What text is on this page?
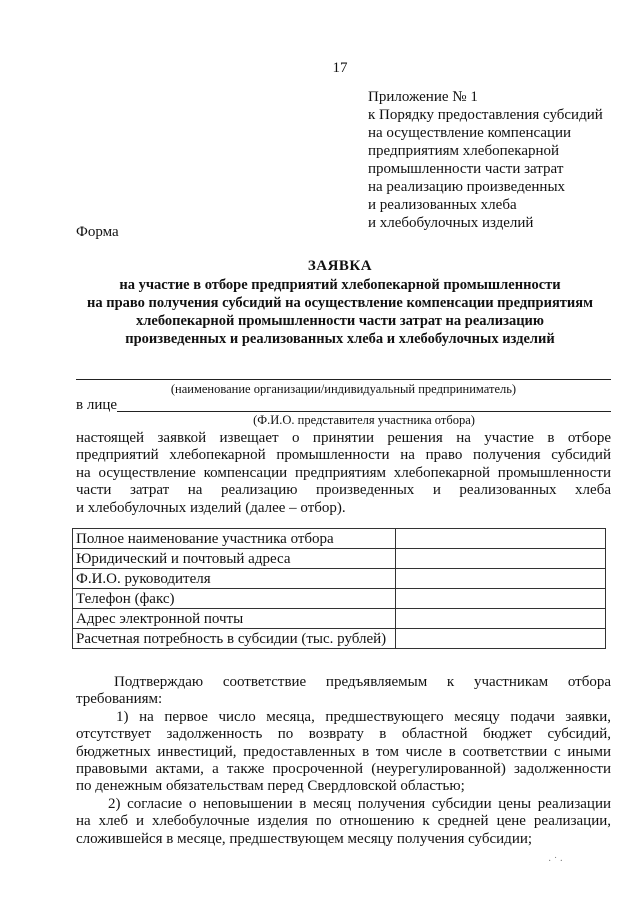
17
Приложение № 1
к Порядку предоставления субсидий
на осуществление компенсации
предприятиям хлебопекарной
промышленности части затрат
на реализацию произведенных
и реализованных хлеба
и хлебобулочных изделий
Форма
ЗАЯВКА
на участие в отборе предприятий хлебопекарной промышленности
на право получения субсидий на осуществление компенсации предприятиям
хлебопекарной промышленности части затрат на реализацию
произведенных и реализованных хлеба и хлебобулочных изделий
(наименование организации/индивидуальный предприниматель)
в лице
(Ф.И.О. представителя участника отбора)
настоящей заявкой извещает о принятии решения на участие в отборе
предприятий хлебопекарной промышленности на право получения субсидий
на осуществление компенсации предприятиям хлебопекарной промышленности
части затрат на реализацию произведенных и реализованных хлеба
и хлебобулочных изделий (далее – отбор).
Полное наименование участника отбора	
Юридический и почтовый адреса	
Ф.И.О. руководителя	
Телефон (факс)	
Адрес электронной почты	
Расчетная потребность в субсидии (тыс. рублей)	
Подтверждаю соответствие предъявляемым к участникам отбора
требованиям:
1) на первое число месяца, предшествующего месяцу подачи заявки,
отсутствует задолженность по возврату в областной бюджет субсидий,
бюджетных инвестиций, предоставленных в том числе в соответствии с иными
правовыми актами, а также просроченной (неурегулированной) задолженности
по денежным обязательствам перед Свердловской областью;
2) согласие о неповышении в месяц получения субсидии цены реализации
на хлеб и хлебобулочные изделия по отношению к средней цене реализации,
сложившейся в месяце, предшествующем месяцу получения субсидии;
· ˙ ·
